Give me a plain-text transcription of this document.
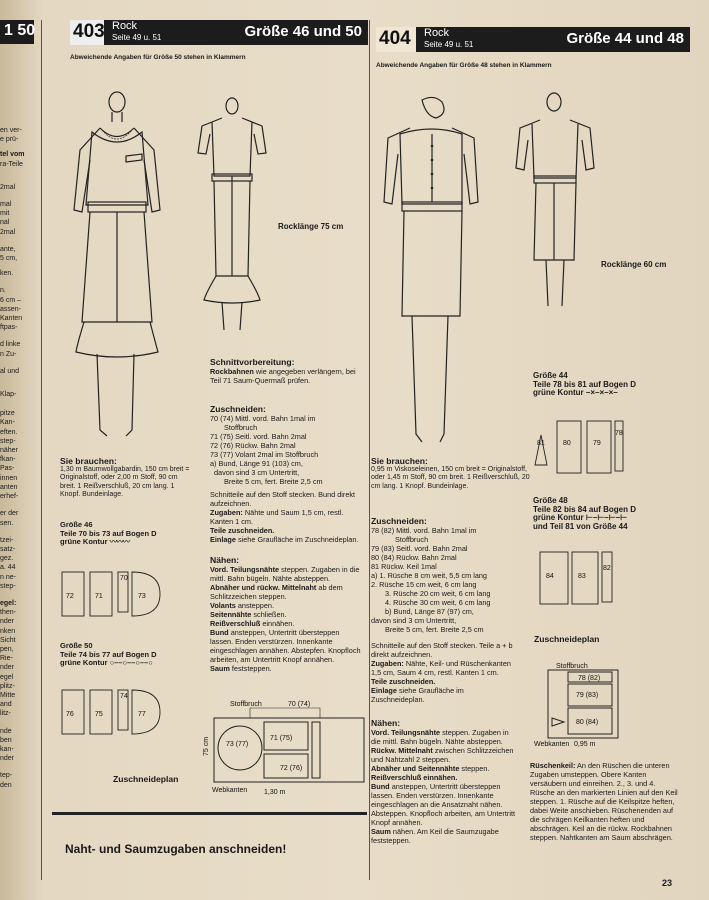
1 50
en ver-
e prü-
tel vom
ra-Teile
2mal
mal
mit
nal
2mal
ante,
5 cm,
ken.
n.
6 cm –
assen-
Kanten
ftpas-
d linke
n Zu-
al und
Klap-
pitze
Kan-
eften.
step-
näher
fkan-
Pas-
innen
anten
erhef-
er der
sen.
tzei-
satz-
gez.
a. 44
n ne-
step-
egel:
then-
nder
nken
Sicht
pen,
Rie-
nder
egel
plitz-
Mitte
and
litz-
nde
ben
kan-
nder
tep-
den
403 Rock
Seite 49 u. 51	Größe 46 und 50
Abweichende Angaben für Größe 50 stehen in Klammern
Rocklänge 75 cm
Sie brauchen:
1,30 m Baumwollgabardin, 150 cm breit = Originalstoff, oder 2,00 m Stoff, 90 cm breit. 1 Reißverschluß, 20 cm lang. 1 Knopf. Bundeinlage.
Größe 46
Teile 70 bis 73 auf Bogen D
grüne Kontur 〰〰〰
72	71
70
73
Größe 50
Teile 74 bis 77 auf Bogen D
grüne Kontur ○––○––○––○
76	75
74
77
Zuschneideplan
Schnittvorbereitung:
Rockbahnen wie angegeben verlängern, bei Teil 71 Saum-Quermaß prüfen.
Zuschneiden:
70 (74) Mittl. vord. Bahn 1mal im
Stoffbruch
71 (75) Seitl. vord. Bahn 2mal
72 (76) Rückw. Bahn 2mal
73 (77) Volant 2mal im Stoffbruch
a) Bund, Länge 91 (103) cm,
davon sind 3 cm Untertritt,
Breite 5 cm, fert. Breite 2,5 cm
Schnitteile auf den Stoff stecken. Bund direkt aufzeichnen.
Zugaben: Nähte und Saum 1,5 cm, restl. Kanten 1 cm.
Teile zuschneiden.
Einlage siehe Graufläche im Zuschneideplan.
Nähen:
Vord. Teilungsnähte steppen. Zugaben in die mittl. Bahn bügeln. Nähte absteppen.
Abnäher und rückw. Mittelnaht ab dem Schlitzzeichen steppen.
Volants ansteppen.
Seitennähte schließen.
Reißverschluß einnähen.
Bund ansteppen, Untertritt übersteppen lassen. Enden verstürzen. Innenkante eingeschlagen annähen. Abstepfen. Knopfloch arbeiten, am Untertritt Knopf annähen.
Saum feststeppen.
Stoffbruch	70 (74)
73 (77)
71 (75)
72 (76)
Webkanten 1,30 m
75 cm
Naht- und Saumzugaben anschneiden!
404 Rock
Seite 49 u. 51	Größe 44 und 48
Abweichende Angaben für Größe 48 stehen in Klammern
Rocklänge 60 cm
Sie brauchen:
0,95 m Viskoseleinen, 150 cm breit = Originalstoff, oder 1,45 m Stoff, 90 cm breit. 1 Reißverschluß, 20 cm lang. 1 Knopf. Bundeinlage.
Zuschneiden:
78 (82) Mittl. vord. Bahn 1mal im
Stoffbruch
79 (83) Seitl. vord. Bahn 2mal
80 (84) Rückw. Bahn 2mal
81 Rückw. Keil 1mal
a) 1. Rüsche 8 cm weit, 5,5 cm lang
2. Rüsche 15 cm weit, 6 cm lang
3. Rüsche 20 cm weit, 6 cm lang
4. Rüsche 30 cm weit, 6 cm lang
b) Bund, Länge 87 (97) cm,
davon sind 3 cm Untertritt,
Breite 5 cm, fert. Breite 2,5 cm
Schnitteile auf den Stoff stecken. Teile a + b direkt aufzeichnen.
Zugaben: Nähte, Keil- und Rüschenkanten 1,5 cm, Saum 4 cm, restl. Kanten 1 cm.
Teile zuschneiden.
Einlage siehe Graufläche im Zuschneideplan.
Nähen:
Vord. Teilungsnähte steppen. Zugaben in die mittl. Bahn bügeln. Nähte absteppen.
Rückw. Mittelnaht zwischen Schlitzzeichen und Nahtzahl 2 steppen.
Abnäher und Seitennähte steppen.
Reißverschluß einnähen.
Bund ansteppen, Untertritt übersteppen lassen. Enden verstürzen. Innenkante eingeschlagen an die Ansatznaht nähen. Absteppen. Knopfloch arbeiten, am Untertritt Knopf annähen.
Saum nähen. Am Keil die Saumzugabe feststeppen.
Größe 44
Teile 78 bis 81 auf Bogen D
grüne Kontur –×–×–×–
81	80	79
78
Größe 48
Teile 82 bis 84 auf Bogen D
grüne Kontur ⊢–⊢–⊢–⊢
und Teil 81 von Größe 44
84	83
82
Zuschneideplan
Stoffbruch
78 (82)
79 (83)
80 (84)
Webkanten 0,95 m
Rüschenkeil: An den Rüschen die unteren Zugaben umsteppen. Obere Kanten versäubern und einreihen. 2., 3. und 4. Rüsche an den markierten Linien auf den Keil steppen. 1. Rüsche auf die Keilspitze heften, dabei Weite anschieben. Rüschenenden auf die schrägen Keilkanten heften und abschrägen. Keil an die rückw. Rockbahnen steppen. Nahtkanten am Saum abschrägen.
23
